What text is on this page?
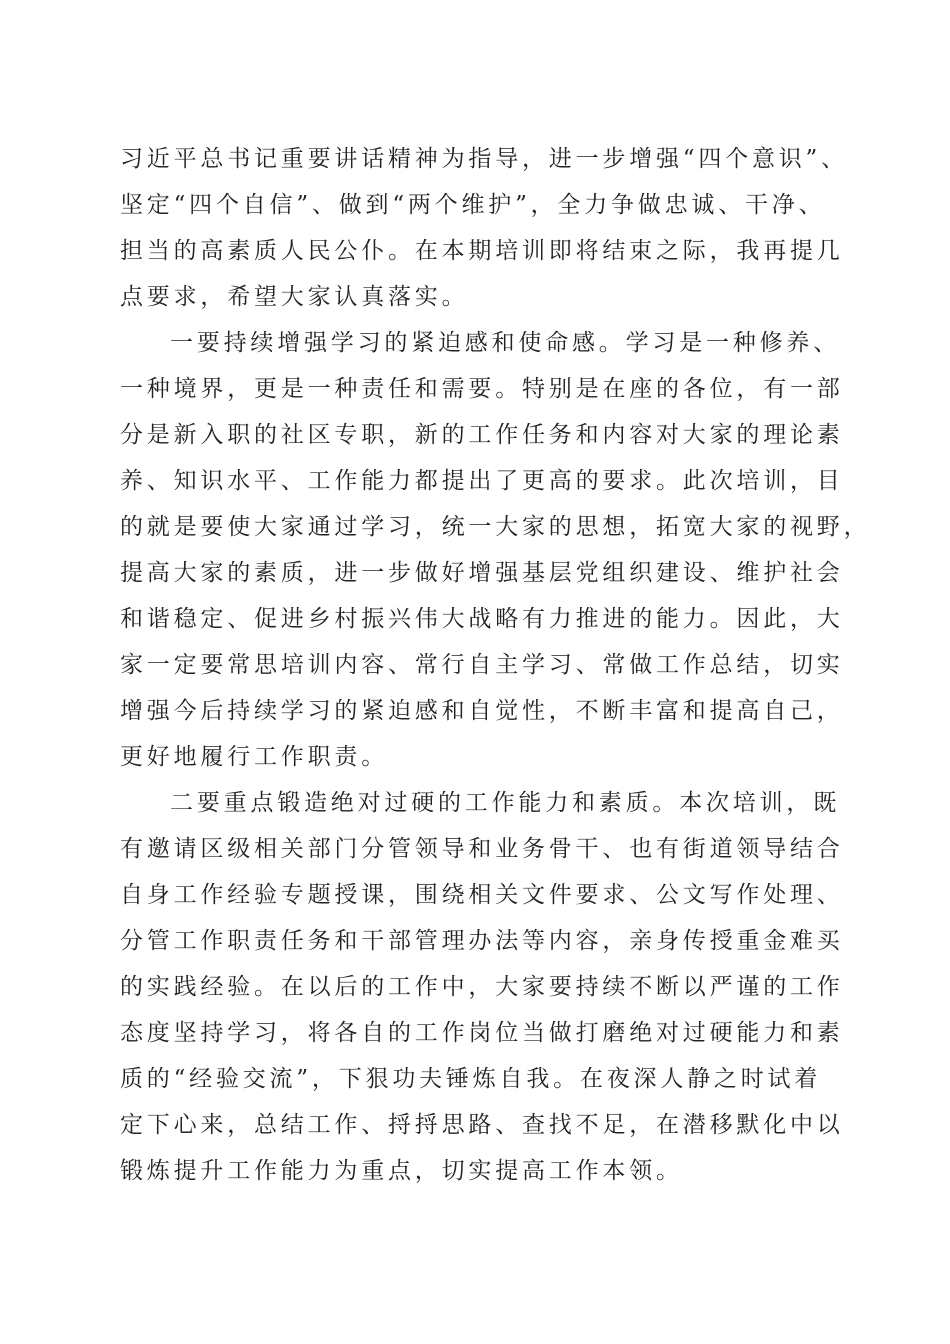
习近平总书记重要讲话精神为指导，进一步增强“四个意识”、
坚定“四个自信”、做到“两个维护”，全力争做忠诚、干净、
担当的高素质人民公仆。在本期培训即将结束之际，我再提几
点要求，希望大家认真落实。
一要持续增强学习的紧迫感和使命感。学习是一种修养、
一种境界，更是一种责任和需要。特别是在座的各位，有一部
分是新入职的社区专职，新的工作任务和内容对大家的理论素
养、知识水平、工作能力都提出了更高的要求。此次培训，目
的就是要使大家通过学习，统一大家的思想，拓宽大家的视野，
提高大家的素质，进一步做好增强基层党组织建设、维护社会
和谐稳定、促进乡村振兴伟大战略有力推进的能力。因此，大
家一定要常思培训内容、常行自主学习、常做工作总结，切实
增强今后持续学习的紧迫感和自觉性，不断丰富和提高自己，
更好地履行工作职责。
二要重点锻造绝对过硬的工作能力和素质。本次培训，既
有邀请区级相关部门分管领导和业务骨干、也有街道领导结合
自身工作经验专题授课，围绕相关文件要求、公文写作处理、
分管工作职责任务和干部管理办法等内容，亲身传授重金难买
的实践经验。在以后的工作中，大家要持续不断以严谨的工作
态度坚持学习，将各自的工作岗位当做打磨绝对过硬能力和素
质的“经验交流”，下狠功夫锤炼自我。在夜深人静之时试着
定下心来，总结工作、捋捋思路、查找不足，在潜移默化中以
锻炼提升工作能力为重点，切实提高工作本领。
